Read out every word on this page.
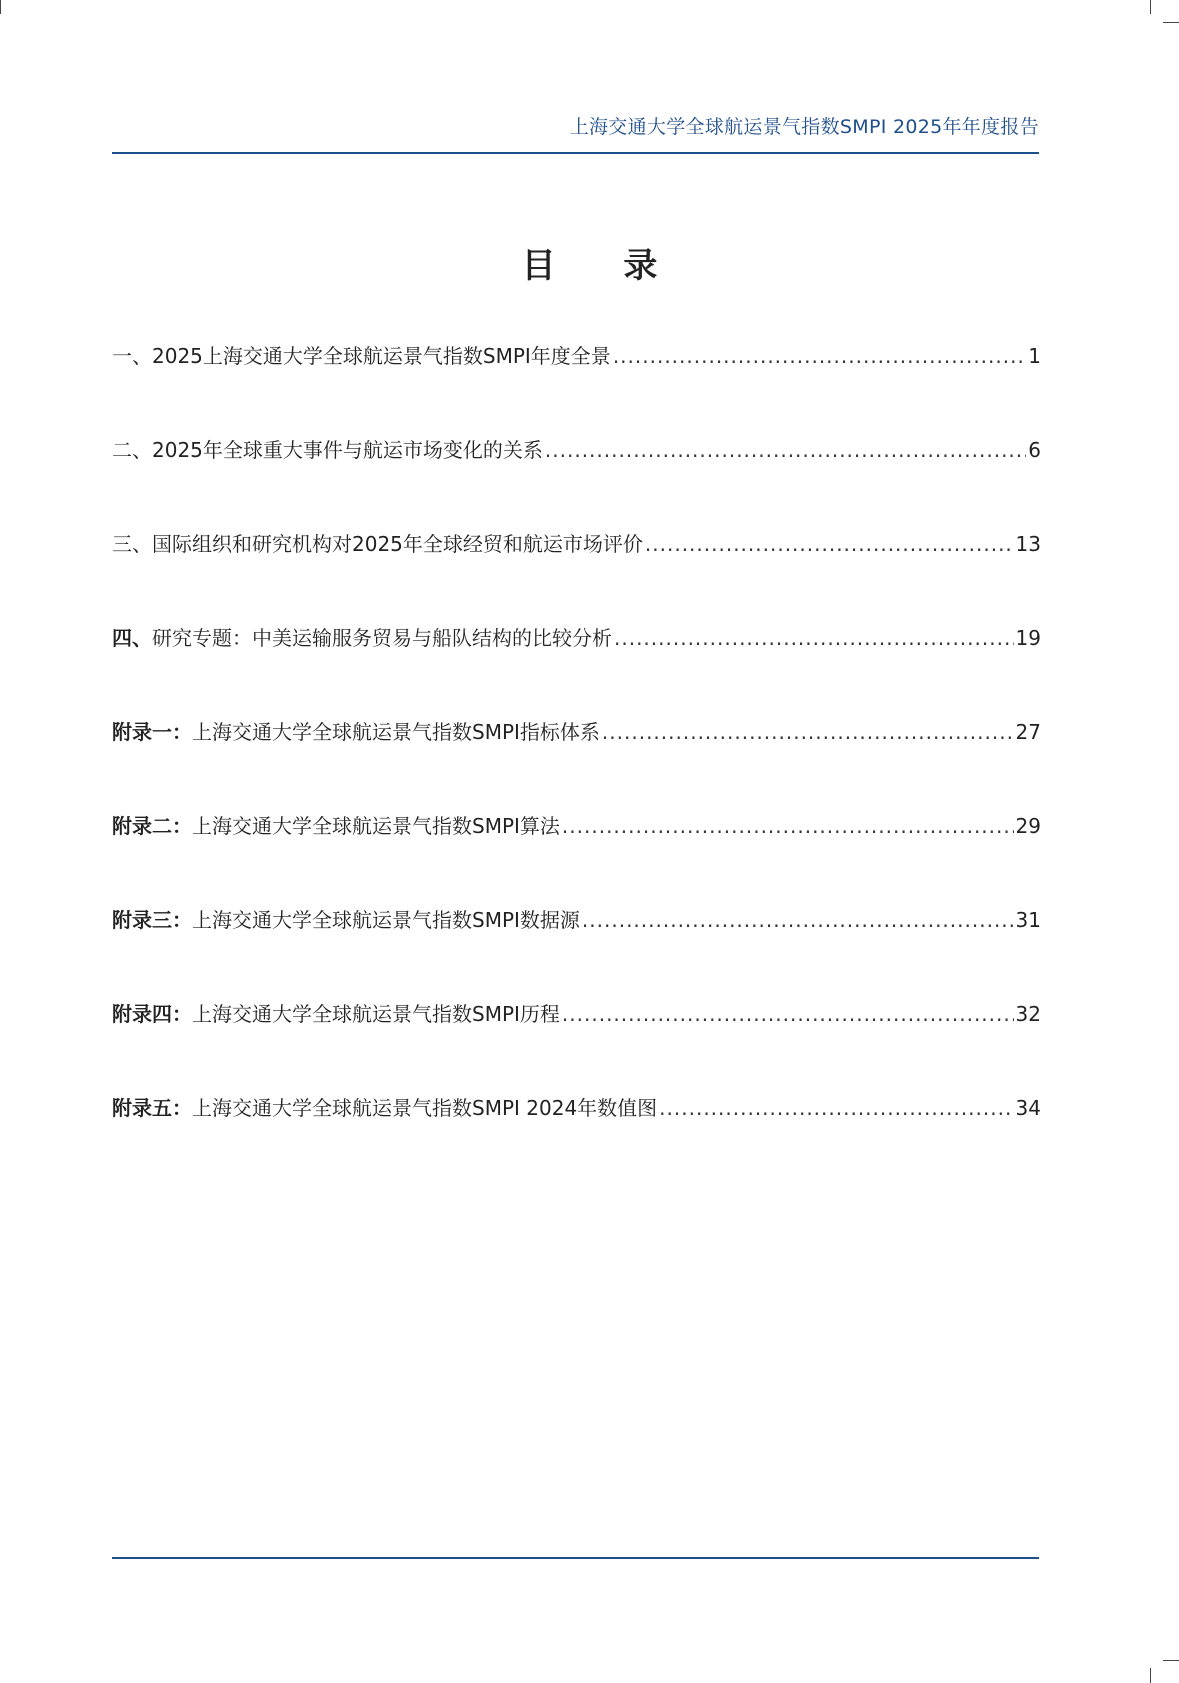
上海交通大学全球航运景气指数SMPI 2025年年度报告
目 录
一、 2025上海交通大学全球航运景气指数SMPI年度全景 .....	1
二、 2025年全球重大事件与航运市场变化的关系 .....	6
三、 国际组织和研究机构对2025年全球经贸和航运市场评价 .....	13
四、 研究专题：中美运输服务贸易与船队结构的比较分析 .....	19
附录一： 上海交通大学全球航运景气指数SMPI指标体系 .....	27
附录二： 上海交通大学全球航运景气指数SMPI算法 .....	29
附录三： 上海交通大学全球航运景气指数SMPI数据源 .....	31
附录四： 上海交通大学全球航运景气指数SMPI历程 .....	32
附录五： 上海交通大学全球航运景气指数SMPI 2024年数值图 .....	34
